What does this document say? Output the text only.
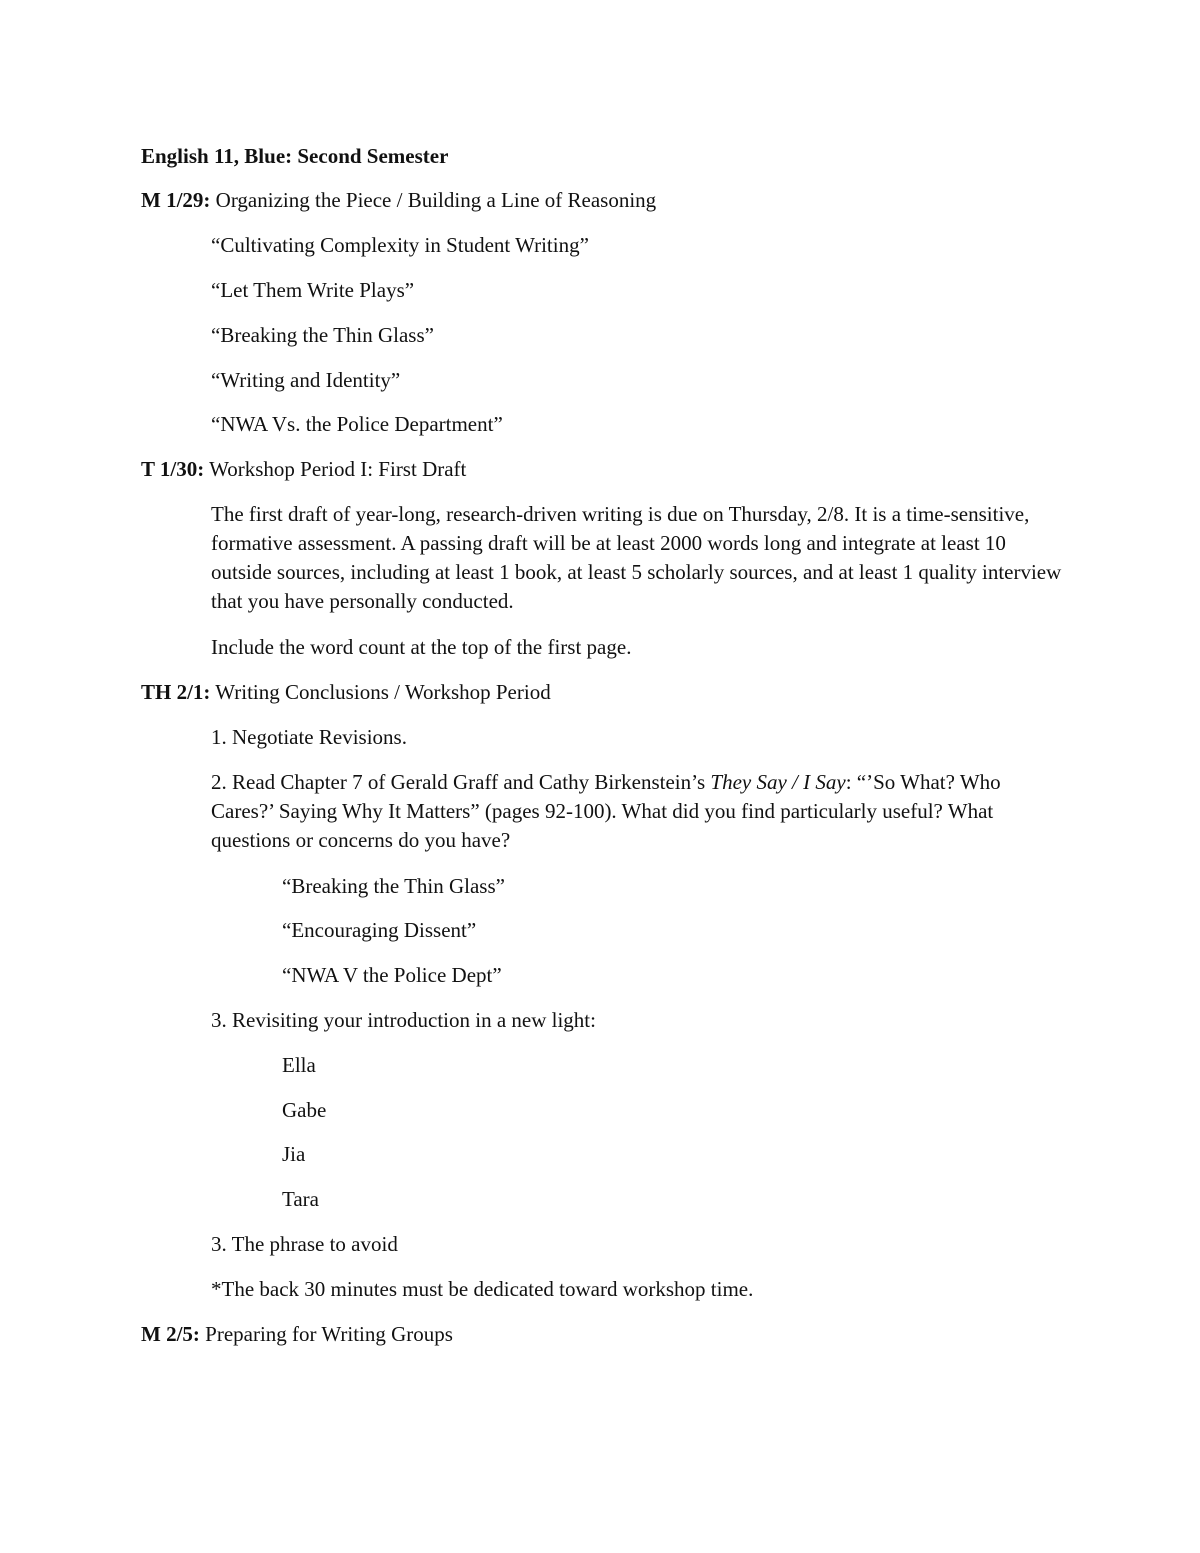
English 11, Blue: Second Semester
M 1/29: Organizing the Piece / Building a Line of Reasoning
“Cultivating Complexity in Student Writing”
“Let Them Write Plays”
“Breaking the Thin Glass”
“Writing and Identity”
“NWA Vs. the Police Department”
T 1/30: Workshop Period I: First Draft
The first draft of year-long, research-driven writing is due on Thursday, 2/8. It is a time-sensitive, formative assessment. A passing draft will be at least 2000 words long and integrate at least 10 outside sources, including at least 1 book, at least 5 scholarly sources, and at least 1 quality interview that you have personally conducted.
Include the word count at the top of the first page.
TH 2/1: Writing Conclusions / Workshop Period
1. Negotiate Revisions.
2. Read Chapter 7 of Gerald Graff and Cathy Birkenstein’s They Say / I Say: “’So What? Who Cares?’ Saying Why It Matters” (pages 92-100). What did you find particularly useful? What questions or concerns do you have?
“Breaking the Thin Glass”
“Encouraging Dissent”
“NWA V the Police Dept”
3. Revisiting your introduction in a new light:
Ella
Gabe
Jia
Tara
3. The phrase to avoid
*The back 30 minutes must be dedicated toward workshop time.
M 2/5: Preparing for Writing Groups
